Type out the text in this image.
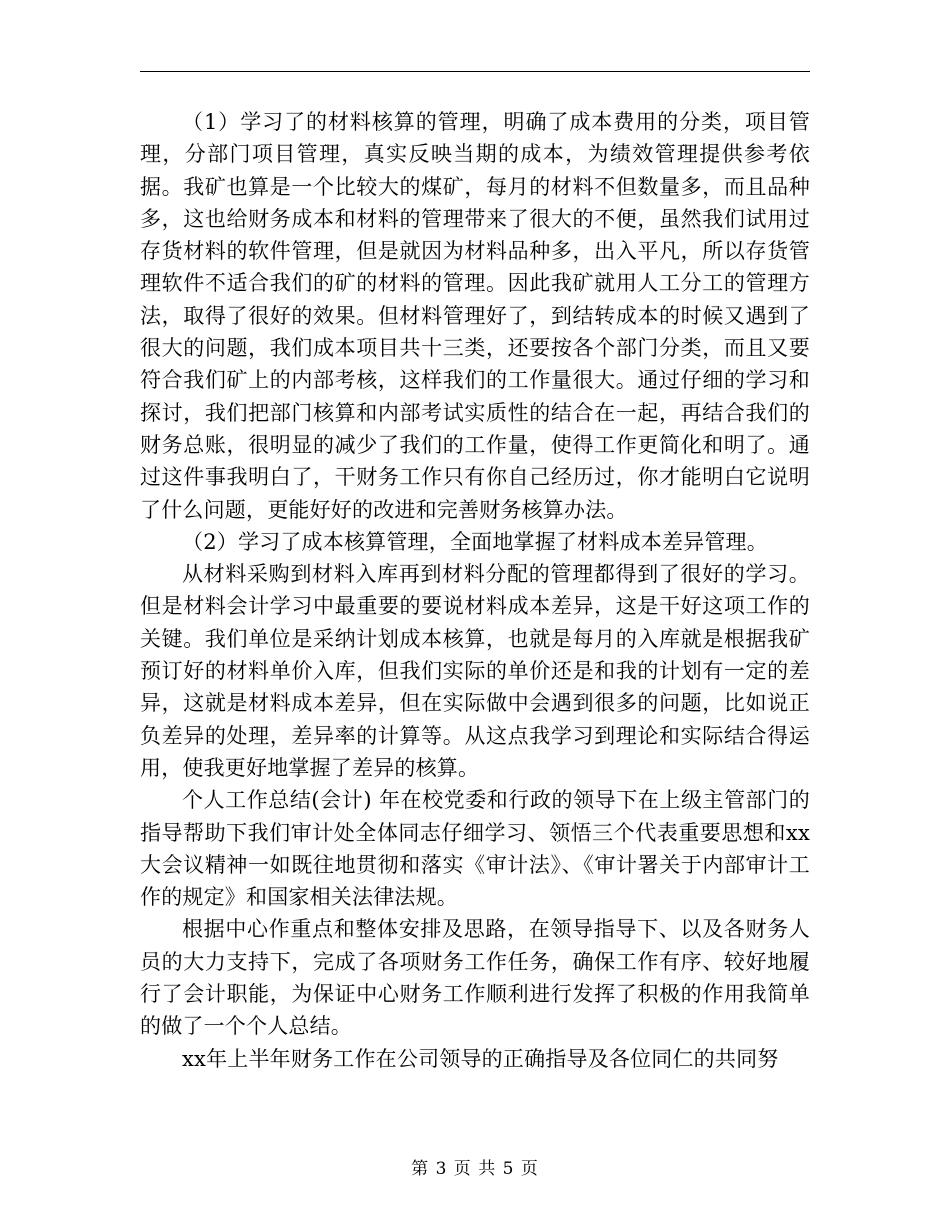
（1）学习了的材料核算的管理，明确了成本费用的分类，项目管理，分部门项目管理，真实反映当期的成本，为绩效管理提供参考依据。我矿也算是一个比较大的煤矿，每月的材料不但数量多，而且品种多，这也给财务成本和材料的管理带来了很大的不便，虽然我们试用过存货材料的软件管理，但是就因为材料品种多，出入平凡，所以存货管理软件不适合我们的矿的材料的管理。因此我矿就用人工分工的管理方法，取得了很好的效果。但材料管理好了，到结转成本的时候又遇到了很大的问题，我们成本项目共十三类，还要按各个部门分类，而且又要符合我们矿上的内部考核，这样我们的工作量很大。通过仔细的学习和探讨，我们把部门核算和内部考试实质性的结合在一起，再结合我们的财务总账，很明显的减少了我们的工作量，使得工作更简化和明了。通过这件事我明白了，干财务工作只有你自己经历过，你才能明白它说明了什么问题，更能好好的改进和完善财务核算办法。

（2）学习了成本核算管理，全面地掌握了材料成本差异管理。

从材料采购到材料入库再到材料分配的管理都得到了很好的学习。但是材料会计学习中最重要的要说材料成本差异，这是干好这项工作的关键。我们单位是采纳计划成本核算，也就是每月的入库就是根据我矿预订好的材料单价入库，但我们实际的单价还是和我的计划有一定的差异，这就是材料成本差异，但在实际做中会遇到很多的问题，比如说正负差异的处理，差异率的计算等。从这点我学习到理论和实际结合得运用，使我更好地掌握了差异的核算。

个人工作总结(会计) 年在校党委和行政的领导下在上级主管部门的指导帮助下我们审计处全体同志仔细学习、领悟三个代表重要思想和xx大会议精神一如既往地贯彻和落实《审计法》、《审计署关于内部审计工作的规定》和国家相关法律法规。

根据中心作重点和整体安排及思路，在领导指导下、以及各财务人员的大力支持下，完成了各项财务工作任务，确保工作有序、较好地履行了会计职能，为保证中心财务工作顺利进行发挥了积极的作用我简单的做了一个个人总结。

xx年上半年财务工作在公司领导的正确指导及各位同仁的共同努

第 3 页 共 5 页
